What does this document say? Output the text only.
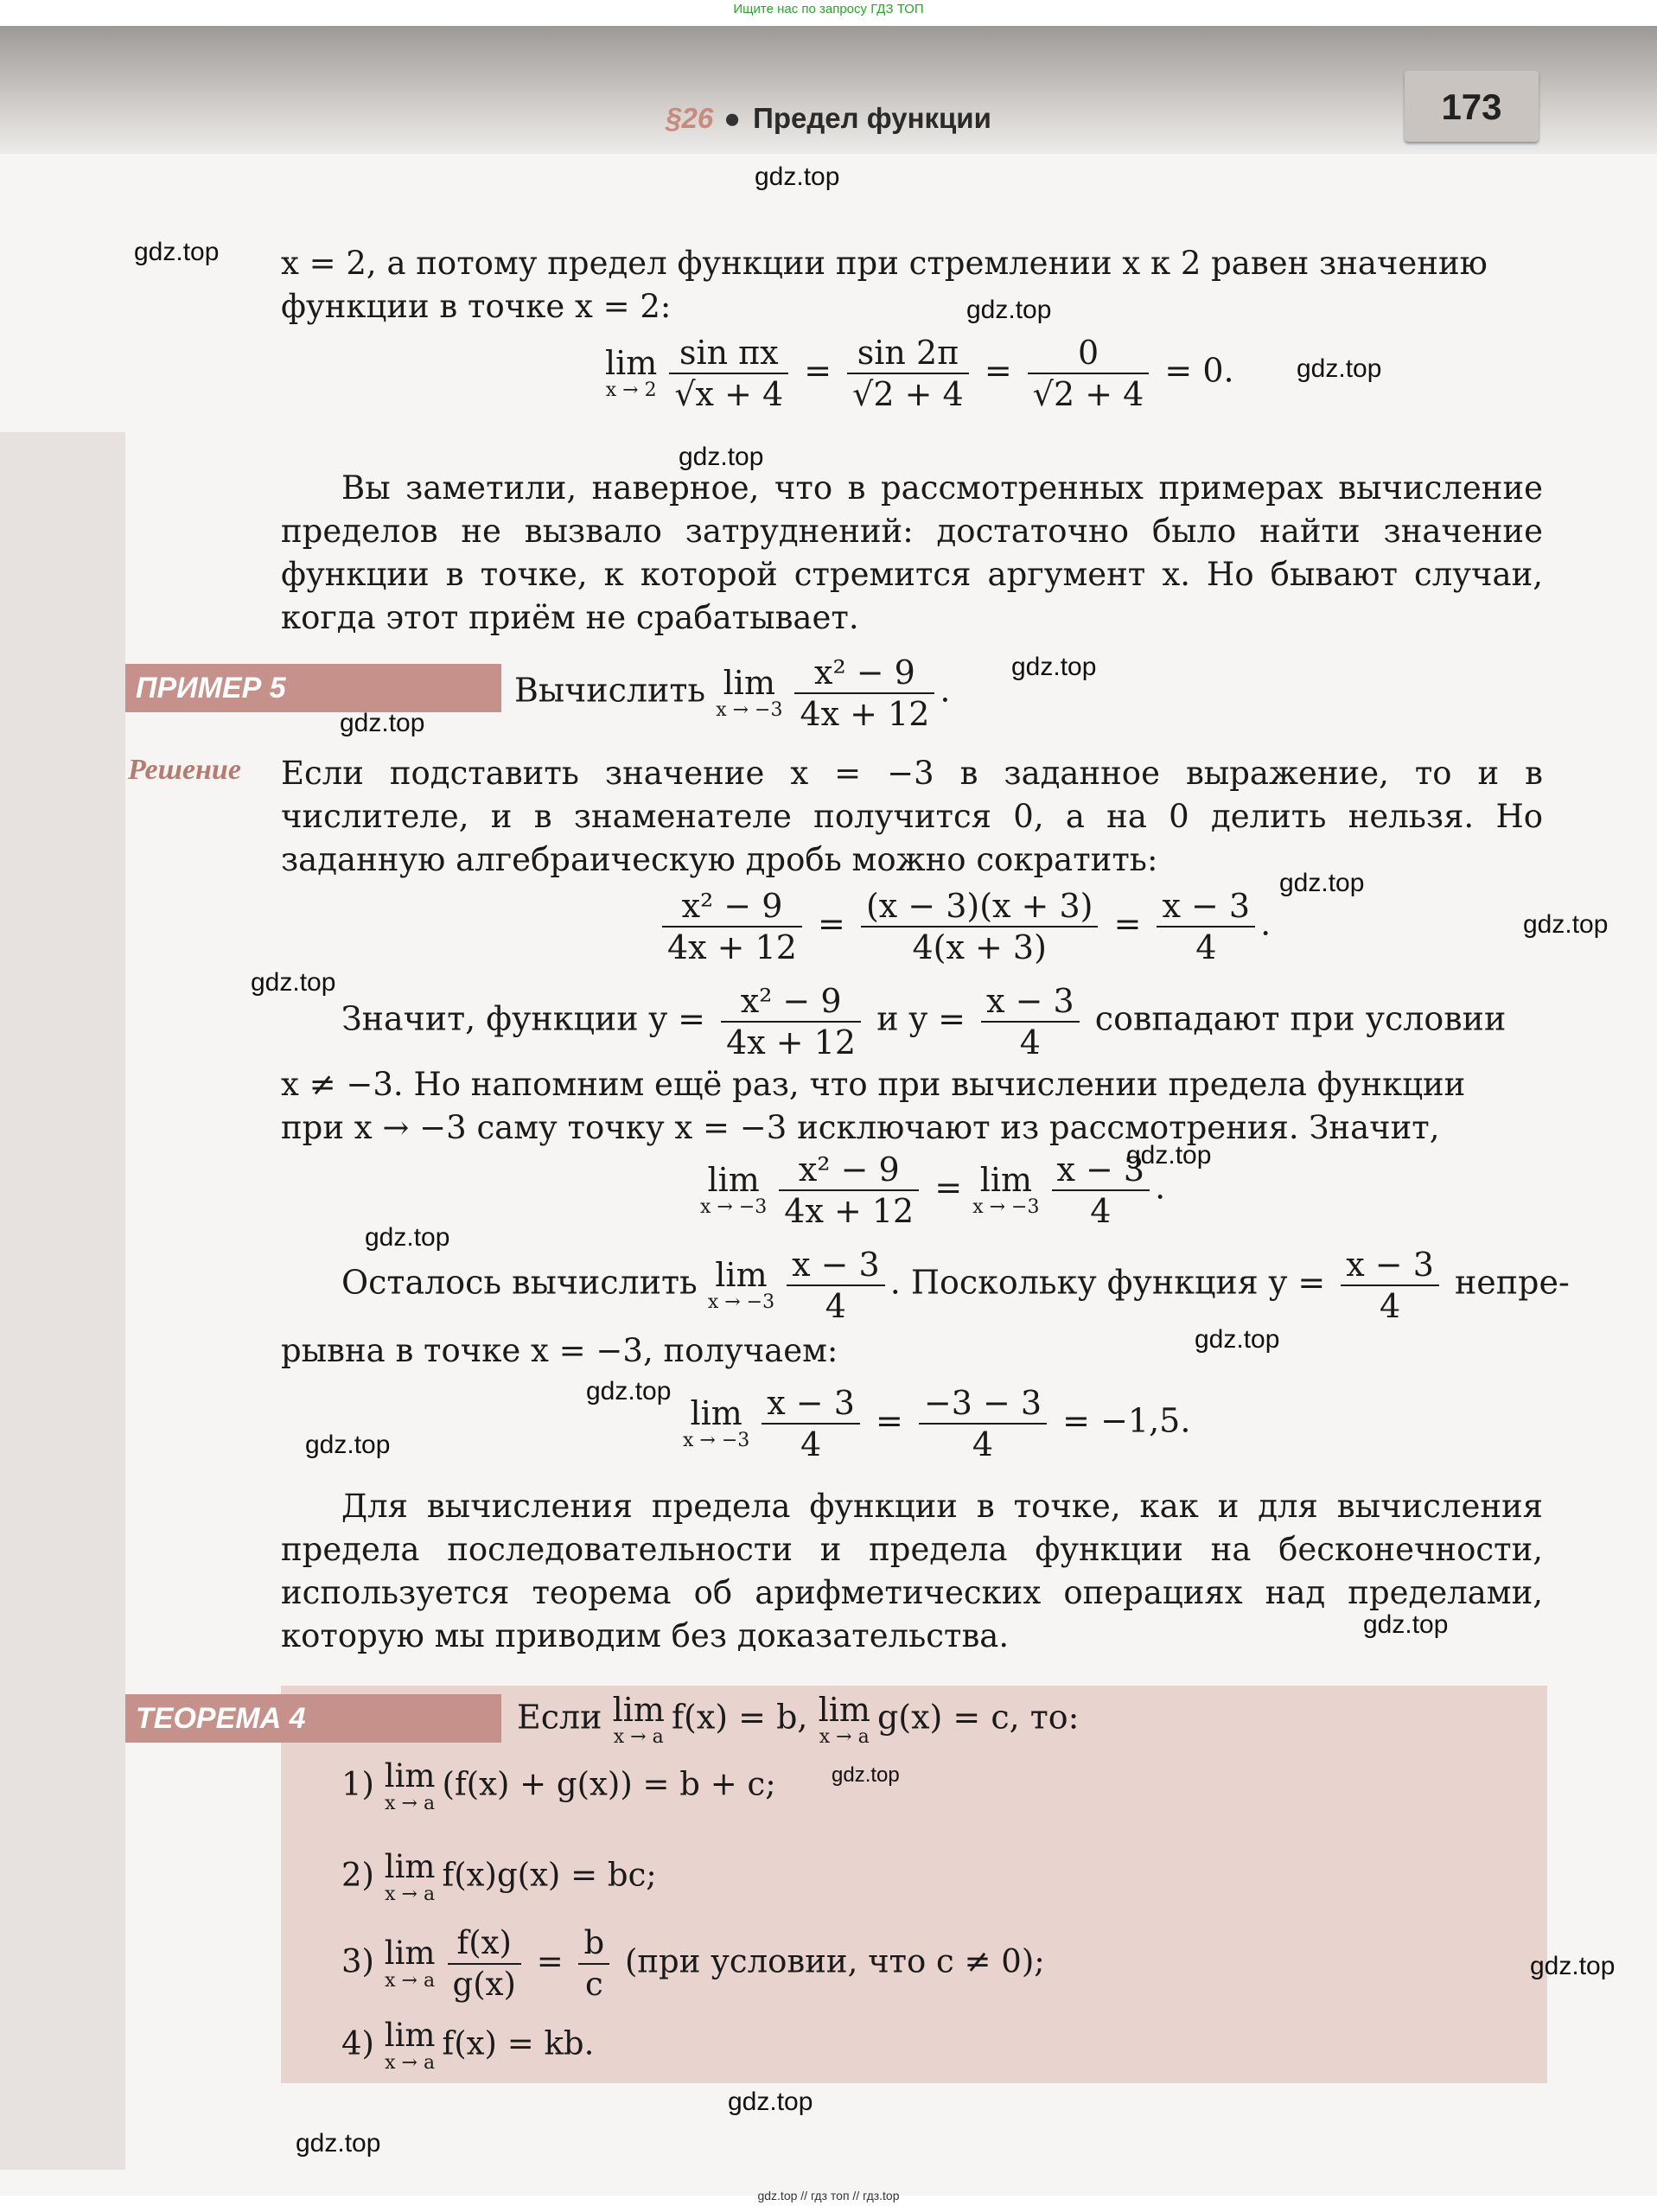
Ищите нас по запросу ГДЗ ТОП
§26 ● Предел функции	173
x = 2, а потому предел функции при стремлении x к 2 равен значению
функции в точке x = 2:
lim
$x \to 2 \frac{\text{sin πx}}{√x + 4} = \frac{\sin 2\pi}{√2 + 4} = \frac{0}{√2 + 4} = 0$.
Вы заметили, наверное, что в рассмотренных примерах вычисление пределов не вызвало затруднений: достаточно было найти значение функции в точке, к которой стремится аргумент x. Но бывают случаи, когда этот приём не срабатывает.
ПРИМЕР 5	Вычислить lim
$x \to -3 \frac{\text{x² − 9}}{4x + 12}$ .
Решение Если подставить значение x = −3 в заданное выражение, то и в числителе, и в знаменателе получится 0, а на 0 делить нельзя. Но заданную алгебраическую дробь можно сократить:
$\frac{\text{x² − 9}}{4x + 12} = \frac{(x - 3)(x + 3)}{4(x + 3)} = \frac{x - 3}{4}$ .
Значит, функции $y = \frac{\text{x² − 9}}{4x + 12}$ и $y = \frac{x - 3}{4}$ совпадают при условии
x ≠ −3. Но напомним ещё раз, что при вычислении предела функции
при x → −3 саму точку x = −3 исключают из рассмотрения. Значит,
lim
$x \to -3 \frac{\text{x² − 9}}{4x + 12} = \lim$
$x \to -3 \frac{x - 3}{4}$ .
Осталось вычислить lim
$x \to -3 \frac{x - 3}{4}$ . Поскольку функция $y = \frac{x - 3}{4}$ непре-
рывна в точке x = −3, получаем:
lim
$x \to -3 \frac{x - 3}{4} = \frac{-3 - 3}{4} = -1,5$.
Для вычисления предела функции в точке, как и для вычисления предела последовательности и предела функции на бесконечности, используется теорема об арифметических операциях над пределами, которую мы приводим без доказательства.
ТЕОРЕМА 4	Если lim
x → a
f(x) = b, lim
x → a
g(x) = c, то:
1) lim
x → a
(f(x) + g(x)) = b + c;
2) lim
x → a
f(x)g(x) = bc;
3) lim
x → a $\frac{f(x)}{g(x)} = \frac{b}{c} (при$ условии, что c ≠ 0);
4) lim
x → a
f(x) = kb.
gdz.top
gdz.top
gdz.top
gdz.top
gdz.top
gdz.top
gdz.top
gdz.top
gdz.top
gdz.top
gdz.top
gdz.top
gdz.top
gdz.top
gdz.top
gdz.top
gdz.top
gdz.top
gdz.top
gdz.top
gdz.top // гдз топ // гдз.top
